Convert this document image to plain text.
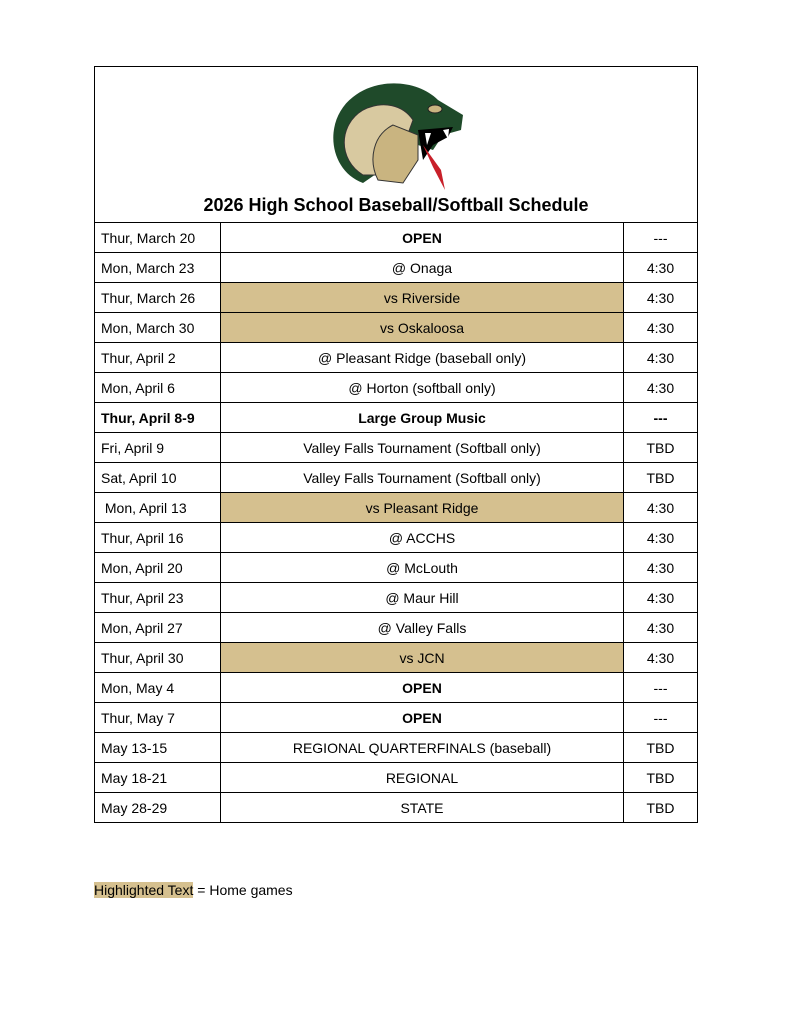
2026 High School Baseball/Softball Schedule		

Thur, March 20	OPEN	---
Mon, March 23	@ Onaga	4:30
Thur, March 26	vs Riverside	4:30
Mon, March 30	vs Oskaloosa	4:30
Thur, April 2	@ Pleasant Ridge (baseball only)	4:30
Mon, April 6	@ Horton (softball only)	4:30
Thur, April 8-9	Large Group Music	---
Fri, April 9	Valley Falls Tournament (Softball only)	TBD
Sat, April 10	Valley Falls Tournament (Softball only)	TBD
Mon, April 13	vs Pleasant Ridge	4:30
Thur, April 16	@ ACCHS	4:30
Mon, April 20	@ McLouth	4:30
Thur, April 23	@ Maur Hill	4:30
Mon, April 27	@ Valley Falls	4:30
Thur, April 30	vs JCN	4:30
Mon, May 4	OPEN	---
Thur, May 7	OPEN	---
May 13-15	REGIONAL QUARTERFINALS (baseball)	TBD
May 18-21	REGIONAL	TBD
May 28-29	STATE	TBD
Highlighted Text = Home games
